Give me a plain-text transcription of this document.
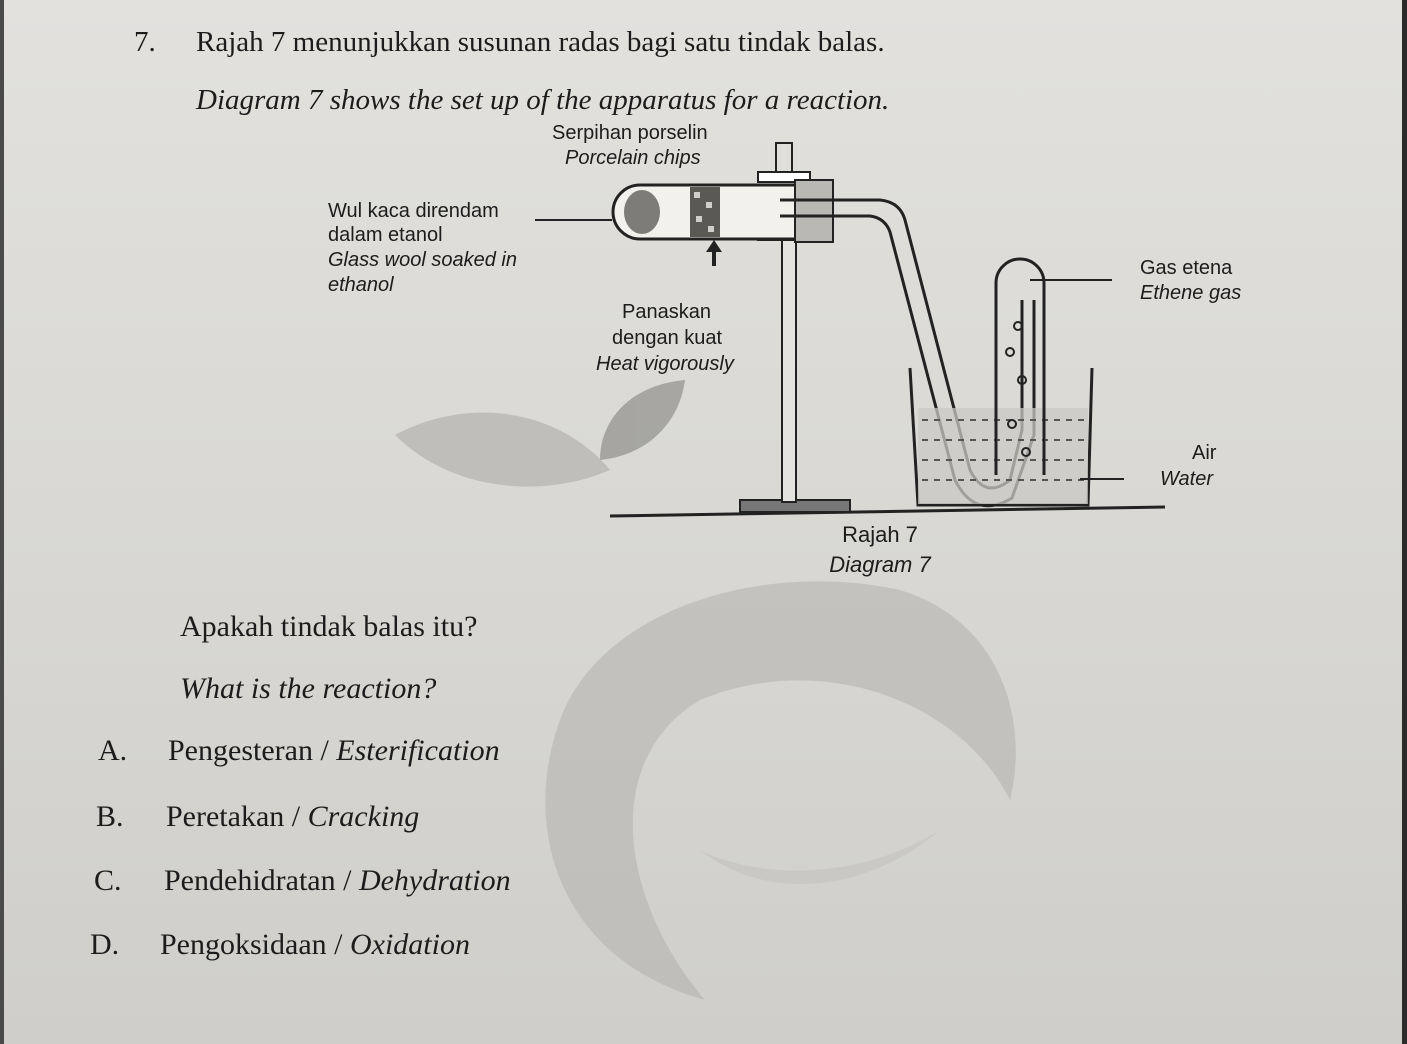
7. Rajah 7 menunjukkan susunan radas bagi satu tindak balas.
Diagram 7 shows the set up of the apparatus for a reaction.
Serpihan porselin
Porcelain chips
Wul kaca direndam
dalam etanol
Glass wool soaked in
ethanol
Panaskan
dengan kuat
Heat vigorously
Gas etena
Ethene gas
Air
Water
Rajah 7
Diagram 7
Apakah tindak balas itu?
What is the reaction?
A. Pengesteran / Esterification
B. Peretakan / Cracking
C. Pendehidratan / Dehydration
D. Pengoksidaan / Oxidation
